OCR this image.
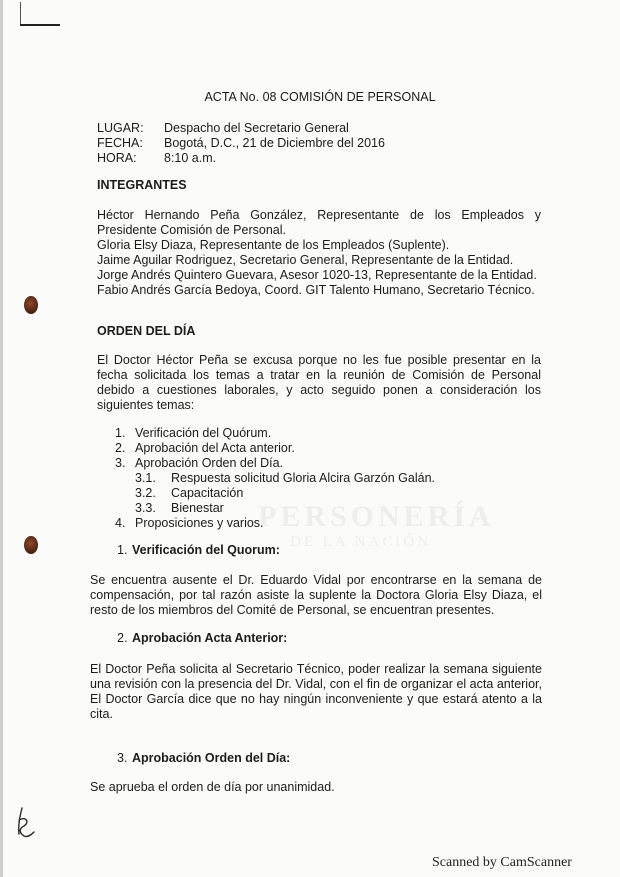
PERSONERÍA
DE LA NACIÓN

ACTA No. 08 COMISIÓN DE PERSONAL

LUGAR: Despacho del Secretario General

FECHA: Bogotá, D.C., 21 de Diciembre del 2016

HORA: 8:10 a.m.

INTEGRANTES

Héctor Hernando Peña González, Representante de los Empleados y Presidente Comisión de Personal.
Gloria Elsy Diaza, Representante de los Empleados (Suplente).
Jaime Aguilar Rodriguez, Secretario General, Representante de la Entidad.
Jorge Andrés Quintero Guevara, Asesor 1020-13, Representante de la Entidad.
Fabio Andrés García Bedoya, Coord. GIT Talento Humano, Secretario Técnico.

ORDEN DEL DÍA

El Doctor Héctor Peña se excusa porque no les fue posible presentar en la fecha solicitada los temas a tratar en la reunión de Comisión de Personal debido a cuestiones laborales, y acto seguido ponen a consideración los siguientes temas:

1. Verificación del Quórum.
2. Aprobación del Acta anterior.
3. Aprobación Orden del Día.
3.1.	Respuesta solicitud Gloria Alcira Garzón Galán.
3.2.	Capacitación
3.3.	Bienestar
4. Proposiciones y varios.
1. Verificación del Quorum:

Se encuentra ausente el Dr. Eduardo Vidal por encontrarse en la semana de compensación, por tal razón asiste la suplente la Doctora Gloria Elsy Diaza, el resto de los miembros del Comité de Personal, se encuentran presentes.

2. Aprobación Acta Anterior:

El Doctor Peña solicita al Secretario Técnico, poder realizar la semana siguiente una revisión con la presencia del Dr. Vidal, con el fin de organizar el acta anterior, El Doctor García dice que no hay ningún inconveniente y que estará atento a la cita.

3. Aprobación Orden del Día:

Se aprueba el orden de día por unanimidad.

Scanned by CamScanner
